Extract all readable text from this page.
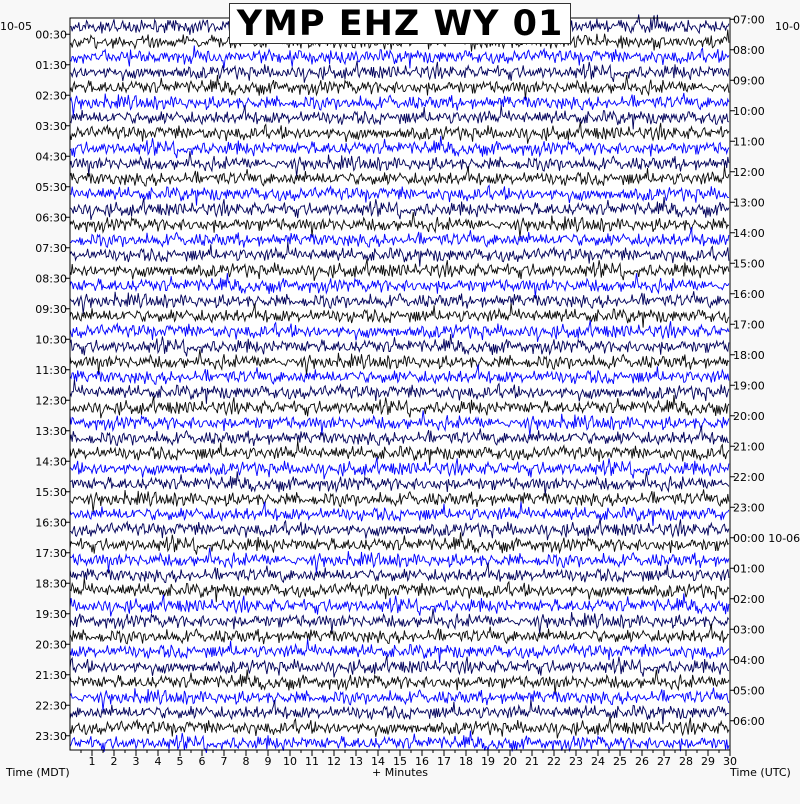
00:30
01:30
02:30
03:30
04:30
05:30
06:30
07:30
08:30
09:30
10:30
11:30
12:30
13:30
14:30
15:30
16:30
17:30
18:30
19:30
20:30
21:30
22:30
23:30
07:00
08:00
09:00
10:00
11:00
12:00
13:00
14:00
15:00
16:00
17:00
18:00
19:00
20:00
21:00
22:00
23:00
00:00 10-06
01:00
02:00
03:00
04:00
05:00
06:00
1 2 3 4 5 6 7 8 9 10 11 12 13 14 15 16 17 18 19 20 21 22 23 24 25 26 27 28 29 30
YMP EHZ WY 01
10-05	10-0
Time (MDT)	+ Minutes	Time (UTC)
